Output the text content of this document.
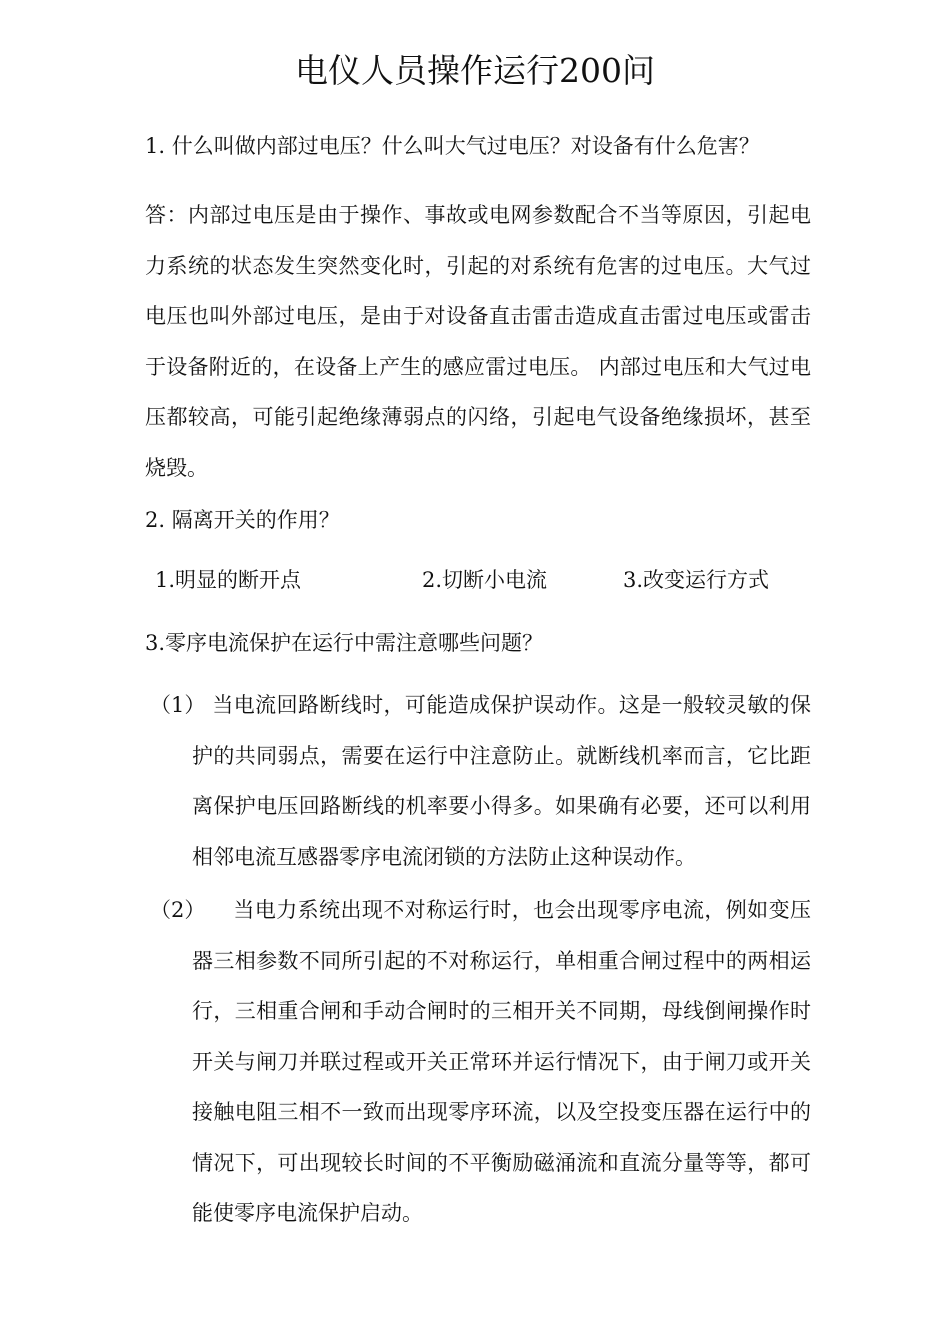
电仪人员操作运行200问
1. 什么叫做内部过电压？什么叫大气过电压？对设备有什么危害？

答：内部过电压是由于操作、事故或电网参数配合不当等原因，引起电力系统的状态发生突然变化时，引起的对系统有危害的过电压。大气过电压也叫外部过电压，是由于对设备直击雷击造成直击雷过电压或雷击于设备附近的，在设备上产生的感应雷过电压。 内部过电压和大气过电压都较高，可能引起绝缘薄弱点的闪络，引起电气设备绝缘损坏，甚至烧毁。

2. 隔离开关的作用？
1.明显的断开点	2.切断小电流	3.改变运行方式
3.零序电流保护在运行中需注意哪些问题？
（1） 当电流回路断线时，可能造成保护误动作。这是一般较灵敏的保护的共同弱点，需要在运行中注意防止。就断线机率而言，它比距离保护电压回路断线的机率要小得多。如果确有必要，还可以利用相邻电流互感器零序电流闭锁的方法防止这种误动作。

（2）	当电力系统出现不对称运行时，也会出现零序电流，例如变压器三相参数不同所引起的不对称运行，单相重合闸过程中的两相运行，三相重合闸和手动合闸时的三相开关不同期，母线倒闸操作时开关与闸刀并联过程或开关正常环并运行情况下，由于闸刀或开关接触电阻三相不一致而出现零序环流，以及空投变压器在运行中的情况下，可出现较长时间的不平衡励磁涌流和直流分量等等，都可能使零序电流保护启动。
